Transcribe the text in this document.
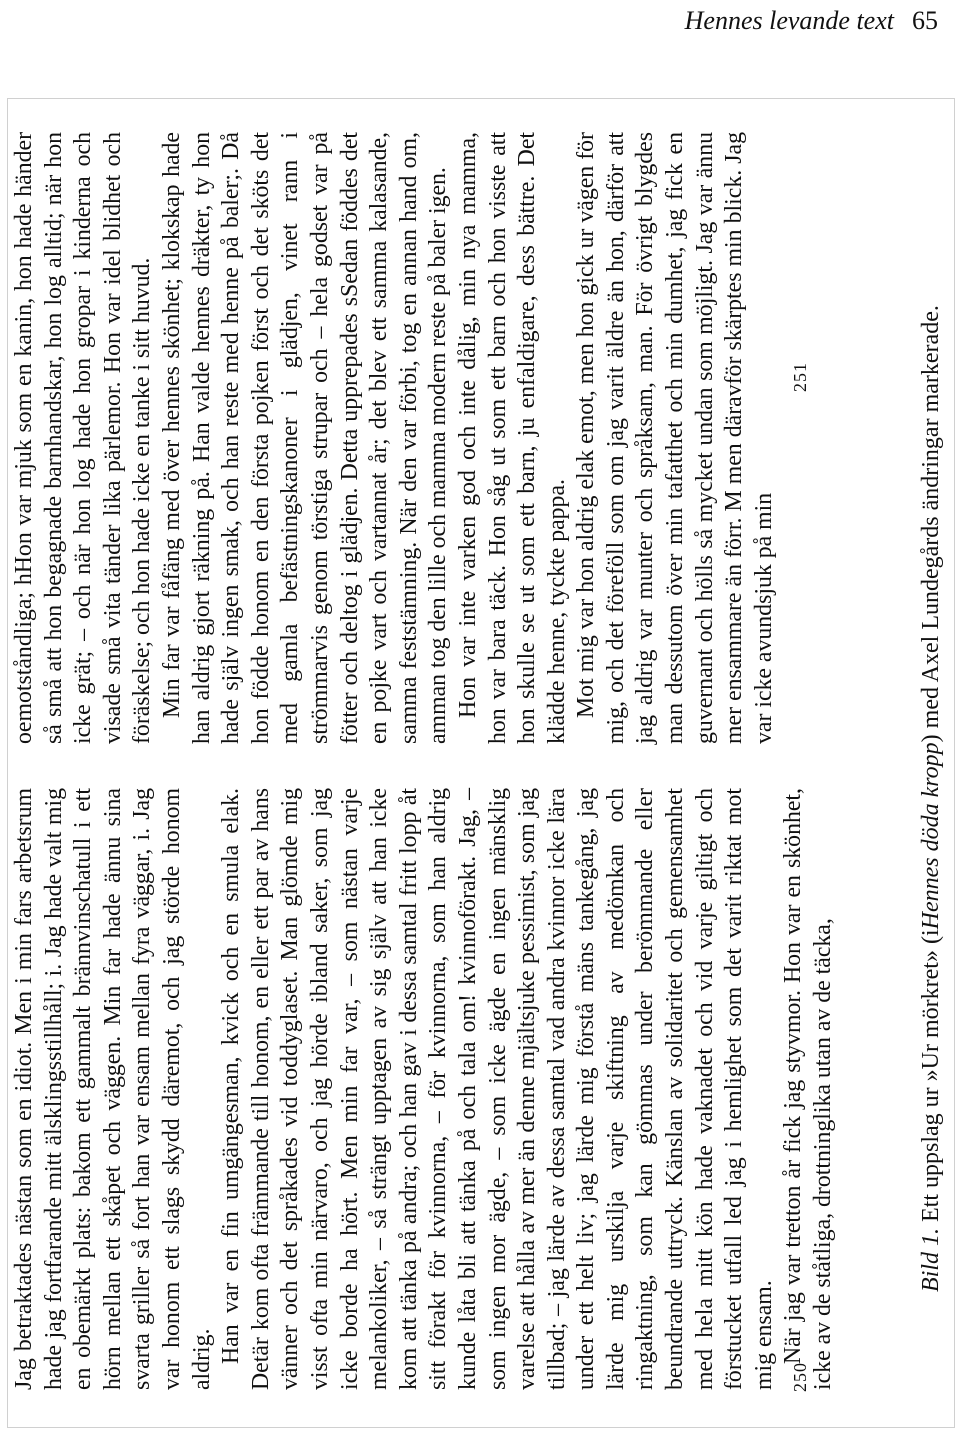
Hennes levande text 65

Jag betraktades nästan som en idiot. Men i min fars arbetsrum hade jag fortfarande mitt älsklingsstillhåll; i. Jag hade valt mig en obemärkt plats: bakom ett gammalt brännvinschatull i ett hörn mellan ett skåpet och väggen. Min far hade ännu sina svarta griller så fort han var ensam mellan fyra väggar, i. Jag var honom ett slags skydd däremot, och jag störde honom aldrig. Han var en fin umgängesman, kvick och en smula elak. Detär kom ofta främmande till honom, en eller ett par av hans vänner och det språkades vid toddyglaset. Man glömde mig visst ofta min närvaro, och jag hörde ibland saker, som jag icke borde ha hört. Men min far var, – som nästan varje melankoliker, – så strängt upptagen av sig själv att han icke kom att tänka på andra; och han gav i dessa samtal fritt lopp åt sitt förakt för kvinnorna, – för kvinnorna, som han aldrig kunde låta bli att tänka på och tala om! kvinnoförakt. Jag, – som ingen mor ägde, – som icke ägde en ingen mänsklig varelse att hålla av mer än denne mjältsjuke pessimist, som jag tillbad; – jag lärde av dessa samtal vad andra kvinnor icke lära under ett helt liv; jag lärde mig förstå mäns tankegång, jag lärde mig urskilja varje skiftning av medömkan och ringaktning, som kan gömmas under berömmande eller beundrande uttryck. Känslan av solidaritet och gemensamhet med hela mitt kön hade vaknadet och vid varje giltigt och förstucket utfall led jag i hemlighet som det varit riktat mot mig ensam. När jag var tretton år fick jag styvmor. Hon var en skönhet, icke av de ståtliga, drottninglika utan av de täcka,

250

oemotståndliga; hHon var mjuk som en kanin, hon hade händer så små att hon begagnade barnhandskar, hon log alltid; när hon icke grät; – och när hon log hade hon gropar i kinderna och visade små vita tänder lika pärlemor. Hon var idel blidhet och föräskelse; och hon hade icke en tanke i sitt huvud. Min far var fåfäng med över hennes skönhet; klokskap hade han aldrig gjort räkning på. Han valde hennes dräkter, ty hon hade själv ingen smak, och han reste med henne på baler;. Då hon födde honom en den första pojken först och det sköts det med gamla befästningskanoner i glädjen, vinet rann i strömmarvis genom törstiga strupar och – hela godset var på fötter och deltog i glädjen. Detta upprepades sSedan föddes det en pojke vart och vartannat år; det blev ett samma kalasande, samma feststämning. När den var förbi, tog en annan hand om, amman tog den lille och mamma modern reste på baler igen. Hon var inte varken god och inte dålig, min nya mamma, hon var bara täck. Hon såg ut som ett barn och hon visste att hon skulle se ut som ett barn, ju enfaldigare, dess bättre. Det klädde henne, tyckte pappa. Mot mig var hon aldrig elak emot, men hon gick ur vägen för mig, och det föreföll som om jag varit äldre än hon, därför att jag aldrig var munter och språksam, man. För övrigt blygdes man dessutom över min tafatthet och min dumhet, jag fick en guvernant och hölls så mycket undan som möjligt. Jag var ännu mer ensammare än förr. M men däravför skärptes min blick. Jag var icke avundsjuk på min

251
Bild 1. Ett uppslag ur »Ur mörkret» (iHennes döda kropp) med Axel Lundegårds ändringar markerade.
